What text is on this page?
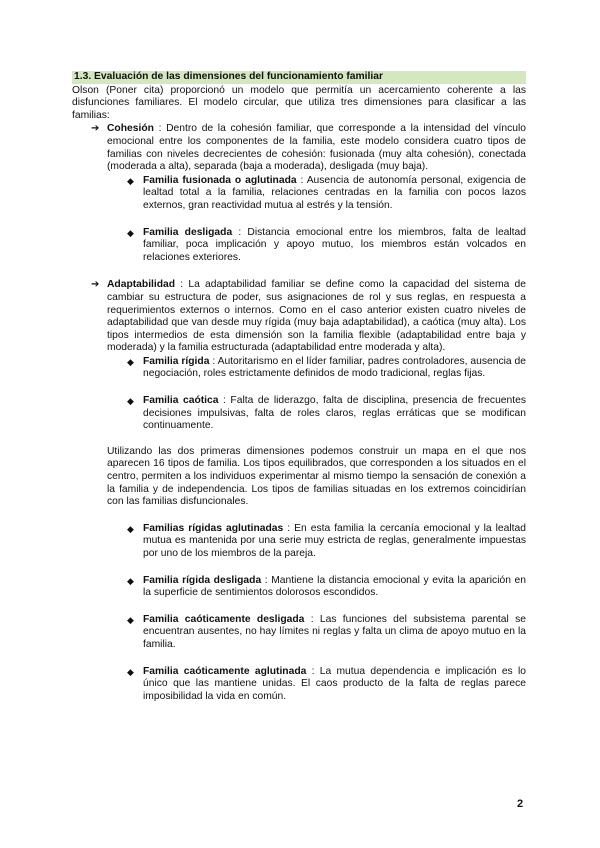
1.3. Evaluación de las dimensiones del funcionamiento familiar
Olson (Poner cita) proporcionó un modelo que permitía un acercamiento coherente a las disfunciones familiares. El modelo circular, que utiliza tres dimensiones para clasificar a las familias:
➔ Cohesión : Dentro de la cohesión familiar, que corresponde a la intensidad del vínculo emocional entre los componentes de la familia, este modelo considera cuatro tipos de familias con niveles decrecientes de cohesión: fusionada (muy alta cohesión), conectada (moderada a alta), separada (baja a moderada), desligada (muy baja).
◆ Familia fusionada o aglutinada : Ausencia de autonomía personal, exigencia de lealtad total a la familia, relaciones centradas en la familia con pocos lazos externos, gran reactividad mutua al estrés y la tensión.
◆ Familia desligada : Distancia emocional entre los miembros, falta de lealtad familiar, poca implicación y apoyo mutuo, los miembros están volcados en relaciones exteriores.
➔ Adaptabilidad : La adaptabilidad familiar se define como la capacidad del sistema de cambiar su estructura de poder, sus asignaciones de rol y sus reglas, en respuesta a requerimientos externos o internos. Como en el caso anterior existen cuatro niveles de adaptabilidad que van desde muy rígida (muy baja adaptabilidad), a caótica (muy alta). Los tipos intermedios de esta dimensión son la familia flexible (adaptabilidad entre baja y moderada) y la familia estructurada (adaptabilidad entre moderada y alta).
◆ Familia rígida : Autoritarismo en el líder familiar, padres controladores, ausencia de negociación, roles estrictamente definidos de modo tradicional, reglas fijas.
◆ Familia caótica : Falta de liderazgo, falta de disciplina, presencia de frecuentes decisiones impulsivas, falta de roles claros, reglas erráticas que se modifican continuamente.
Utilizando las dos primeras dimensiones podemos construir un mapa en el que nos aparecen 16 tipos de familia. Los tipos equilibrados, que corresponden a los situados en el centro, permiten a los individuos experimentar al mismo tiempo la sensación de conexión a la familia y de independencia. Los tipos de familias situadas en los extremos coincidirían con las familias disfuncionales.
◆ Familias rígidas aglutinadas : En esta familia la cercanía emocional y la lealtad mutua es mantenida por una serie muy estricta de reglas, generalmente impuestas por uno de los miembros de la pareja.
◆ Familia rígida desligada : Mantiene la distancia emocional y evita la aparición en la superficie de sentimientos dolorosos escondidos.
◆ Familia caóticamente desligada : Las funciones del subsistema parental se encuentran ausentes, no hay límites ni reglas y falta un clima de apoyo mutuo en la familia.
◆ Familia caóticamente aglutinada : La mutua dependencia e implicación es lo único que las mantiene unidas. El caos producto de la falta de reglas parece imposibilidad la vida en común.
2
